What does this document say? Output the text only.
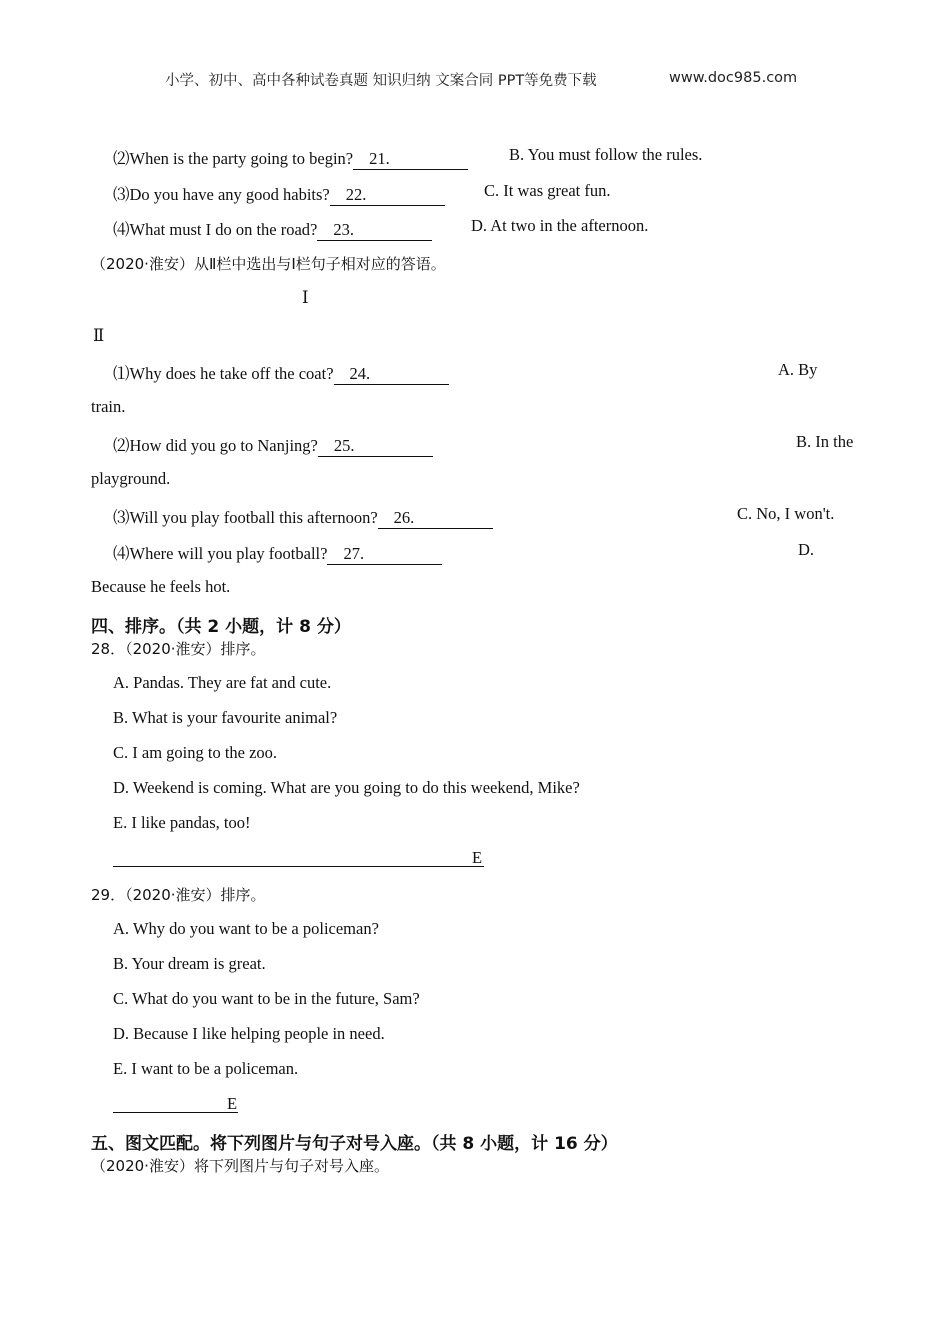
小学、初中、高中各种试卷真题 知识归纳 文案合同 PPT等免费下载	www.doc985.com
⑵When is the party going to begin? 21.	B. You must follow the rules.
⑶Do you have any good habits? 22.	C. It was great fun.
⑷What must I do on the road? 23.	D. At two in the afternoon.
（2020·淮安）从Ⅱ栏中选出与Ⅰ栏句子相对应的答语。
Ⅰ
Ⅱ
⑴Why does he take off the coat? 24.	A. By
train.
⑵How did you go to Nanjing? 25.	B. In the
playground.
⑶Will you play football this afternoon? 26.	C. No, I won't.
⑷Where will you play football? 27.	D.
Because he feels hot.
四、排序。（共 2 小题，计 8 分）
28．（2020·淮安）排序。
A. Pandas. They are fat and cute.
B. What is your favourite animal?
C. I am going to the zoo.
D. Weekend is coming. What are you going to do this weekend, Mike?
E. I like pandas, too!
E
29．（2020·淮安）排序。
A. Why do you want to be a policeman?
B. Your dream is great.
C. What do you want to be in the future, Sam?
D. Because I like helping people in need.
E. I want to be a policeman.
E
五、图文匹配。将下列图片与句子对号入座。（共 8 小题，计 16 分）
（2020·淮安）将下列图片与句子对号入座。
